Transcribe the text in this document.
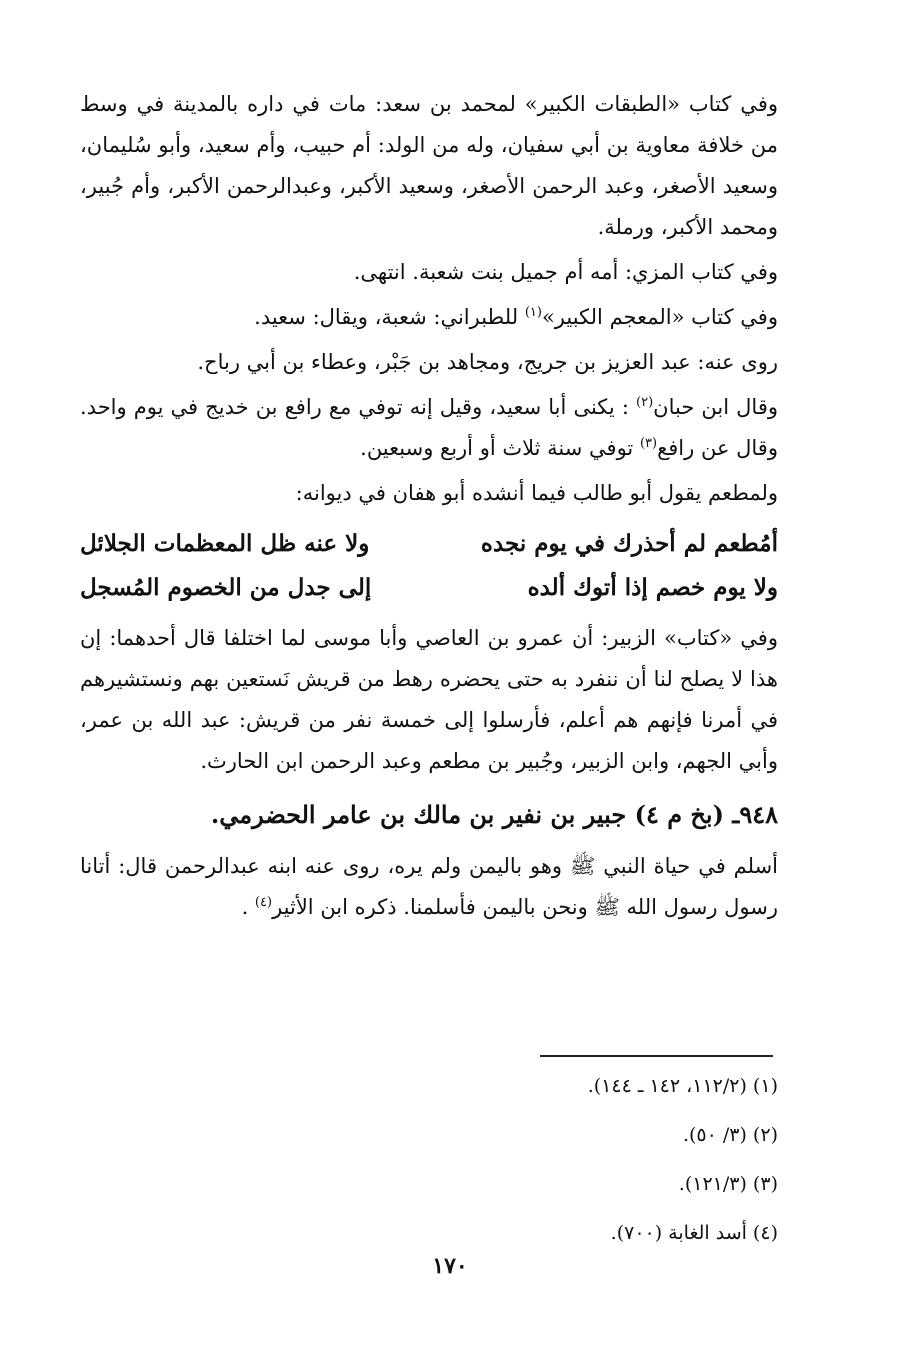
وفي كتاب «الطبقات الكبير» لمحمد بن سعد: مات في داره بالمدينة في وسط من خلافة معاوية بن أبي سفيان، وله من الولد: أم حبيب، وأم سعيد، وأبو سُليمان، وسعيد الأصغر، وعبد الرحمن الأصغر، وسعيد الأكبر، وعبدالرحمن الأكبر، وأم جُبير، ومحمد الأكبر، ورملة.

وفي كتاب المزي: أمه أم جميل بنت شعبة. انتهى.

وفي كتاب «المعجم الكبير»$^{(١)}$ للطبراني: شعبة، ويقال: سعيد.

روى عنه: عبد العزيز بن جريج، ومجاهد بن جَبْر، وعطاء بن أبي رباح.

وقال ابن حبان$^{(٢)}$ : يكنى أبا سعيد، وقيل إنه توفي مع رافع بن خديج في يوم واحد. وقال عن رافع$^{(٣)}$ توفي سنة ثلاث أو أربع وسبعين.

ولمطعم يقول أبو طالب فيما أنشده أبو هفان في ديوانه:

أمُطعم لم أحذرك في يوم نجده
ولا عنه ظل المعظمات الجلائل
ولا يوم خصم إذا أتوك ألده
إلى جدل من الخصوم المُسجل

وفي «كتاب» الزبير: أن عمرو بن العاصي وأبا موسى لما اختلفا قال أحدهما: إن هذا لا يصلح لنا أن ننفرد به حتى يحضره رهط من قريش نَستعين بهم ونستشيرهم في أمرنا فإنهم هم أعلم، فأرسلوا إلى خمسة نفر من قريش: عبد الله بن عمر، وأبي الجهم، وابن الزبير، وجُبير بن مطعم وعبد الرحمن ابن الحارث.

٩٤٨ـ (بخ م ٤) جبير بن نفير بن مالك بن عامر الحضرمي.

أسلم في حياة النبي ﷺ وهو باليمن ولم يره، روى عنه ابنه عبدالرحمن قال: أتانا رسول رسول الله ﷺ ونحن باليمن فأسلمنا. ذكره ابن الأثير$^{(٤)}$ .

(١) (١١٢/٢، ١٤٢ ـ ١٤٤).

(٢) (٣/ ٥٠).

(٣) (١٢١/٣).

(٤) أسد الغابة (٧٠٠).

١٧٠
